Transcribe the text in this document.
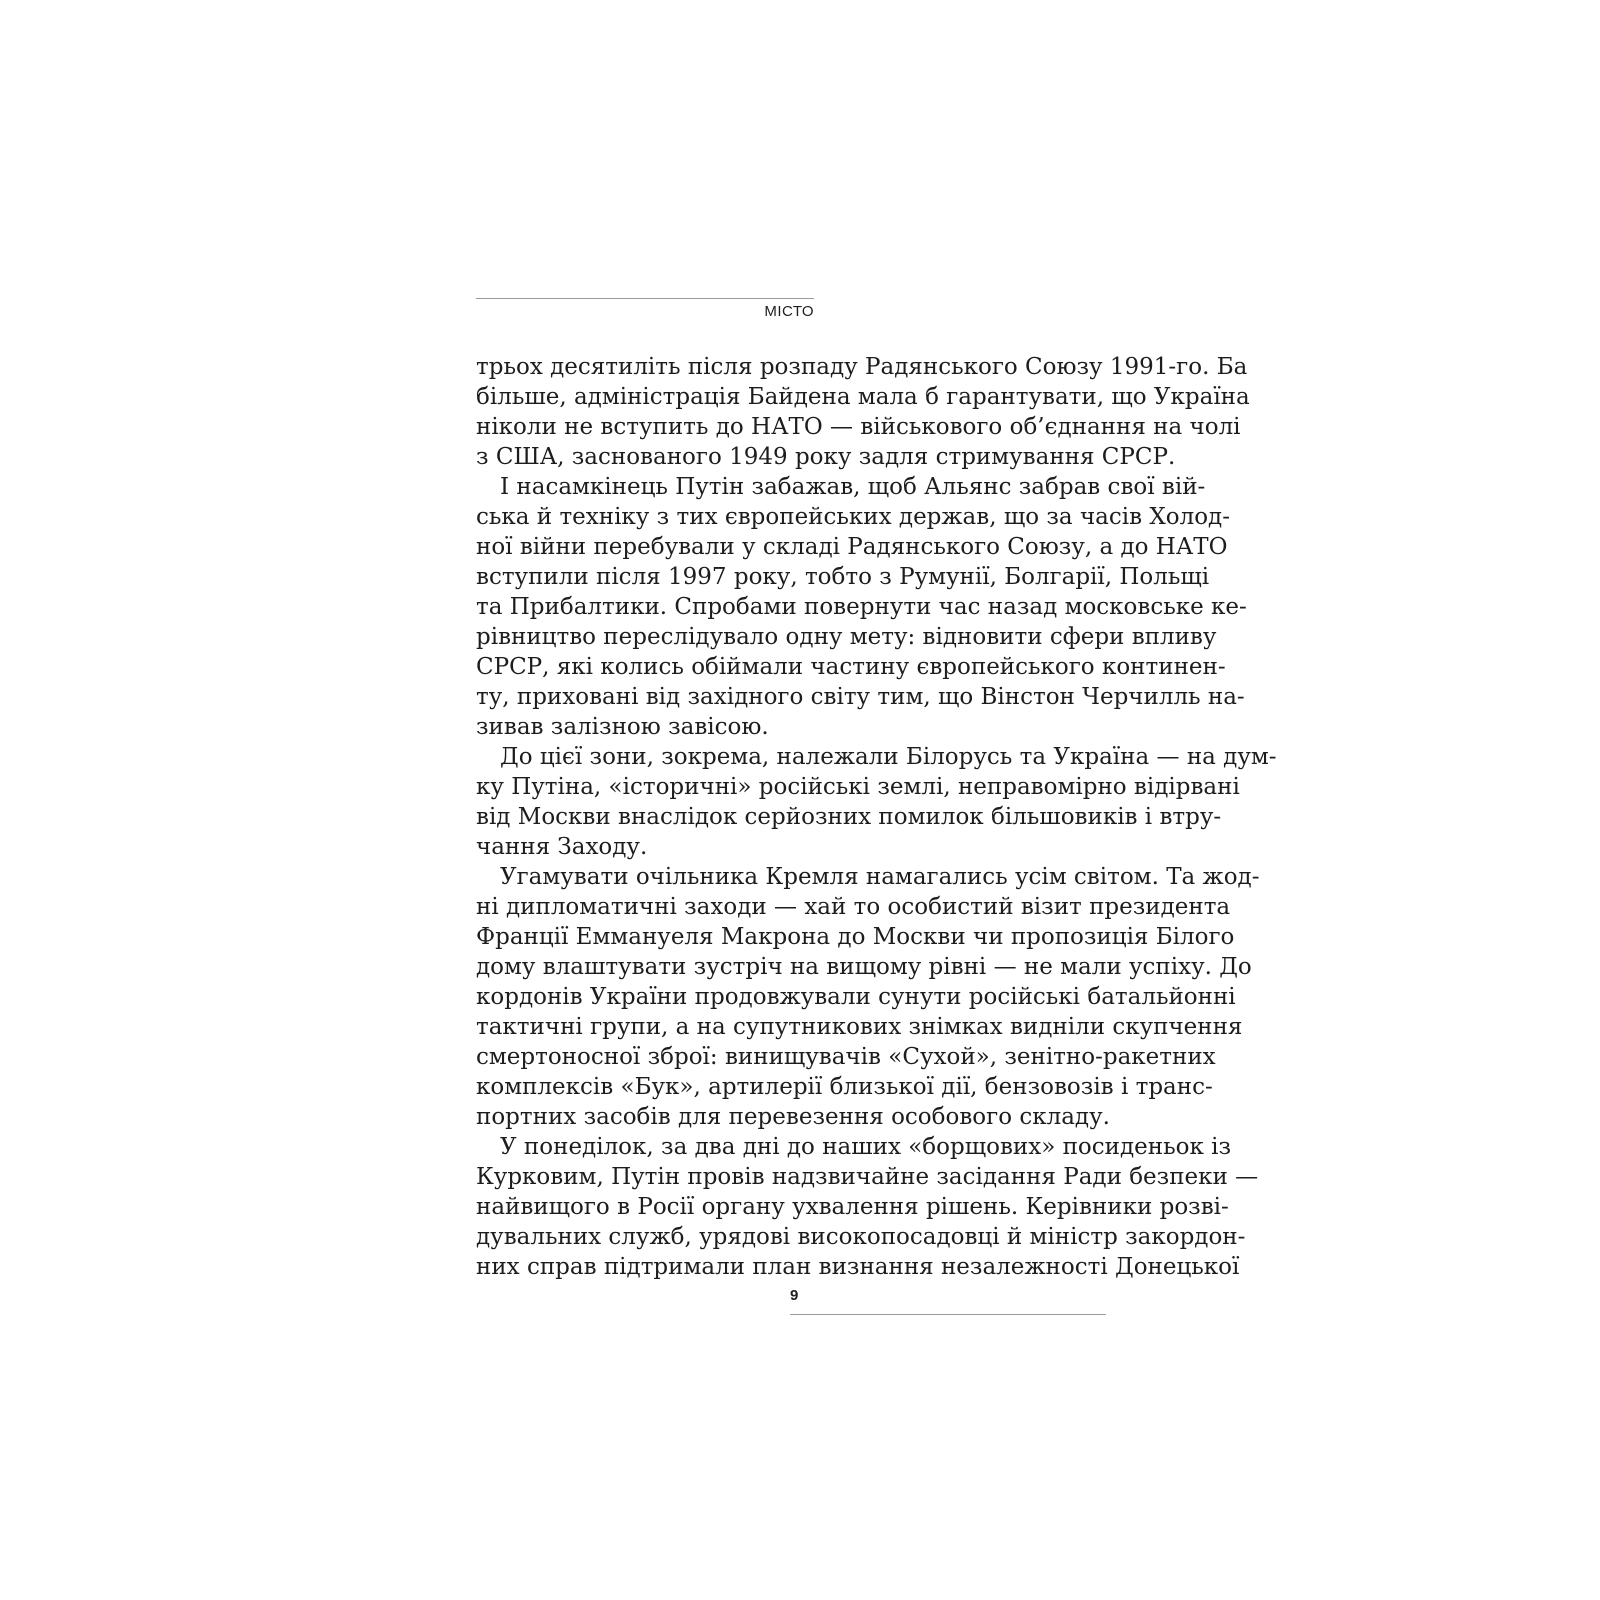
МІСТО
трьох десятиліть після розпаду Радянського Союзу 1991-го. Ба
більше, адміністрація Байдена мала б гарантувати, що Україна
ніколи не вступить до НАТО — військового об’єднання на чолі
з США, заснованого 1949 року задля стримування СРСР.
І насамкінець Путін забажав, щоб Альянс забрав свої вій-
ська й техніку з тих європейських держав, що за часів Холод-
ної війни перебували у складі Радянського Союзу, а до НАТО
вступили після 1997 року, тобто з Румунії, Болгарії, Польщі
та Прибалтики. Спробами повернути час назад московське ке-
рівництво переслідувало одну мету: відновити сфери впливу
СРСР, які колись обіймали частину європейського континен-
ту, приховані від західного світу тим, що Вінстон Черчилль на-
зивав залізною завісою.
До цієї зони, зокрема, належали Білорусь та Україна — на дум-
ку Путіна, «історичні» російські землі, неправомірно відірвані
від Москви внаслідок серйозних помилок більшовиків і втру-
чання Заходу.
Угамувати очільника Кремля намагались усім світом. Та жод-
ні дипломатичні заходи — хай то особистий візит президента
Франції Еммануеля Макрона до Москви чи пропозиція Білого
дому влаштувати зустріч на вищому рівні — не мали успіху. До
кордонів України продовжували сунути російські батальйонні
тактичні групи, а на супутникових знімках видніли скупчення
смертоносної зброї: винищувачів «Сухой», зенітно-ракетних
комплексів «Бук», артилерії близької дії, бензовозів і транс-
портних засобів для перевезення особового складу.
У понеділок, за два дні до наших «борщових» посиденьок із
Курковим, Путін провів надзвичайне засідання Ради безпеки —
найвищого в Росії органу ухвалення рішень. Керівники розві-
дувальних служб, урядові високопосадовці й міністр закордон-
них справ підтримали план визнання незалежності Донецької
9
